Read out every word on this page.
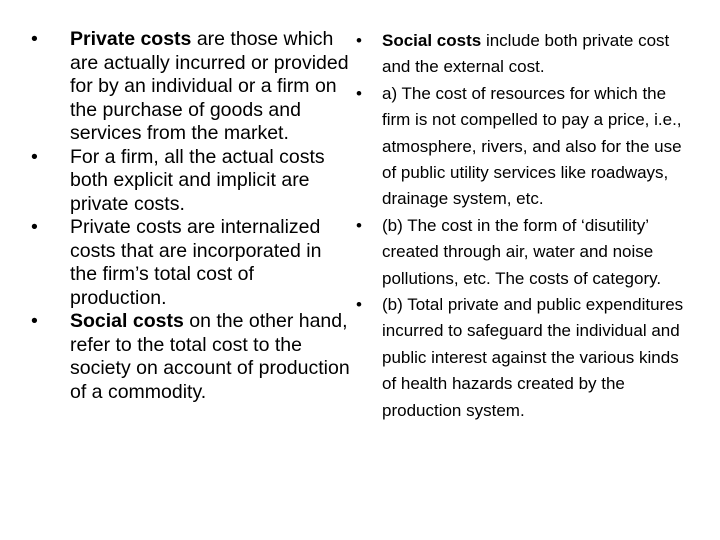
• Private costs are those which are actually incurred or provided for by an individual or a firm on the purchase of goods and services from the market.
• For a firm, all the actual costs both explicit and implicit are private costs.
• Private costs are internalized costs that are incorporated in the firm’s total cost of production.
• Social costs on the other hand, refer to the total cost to the society on account of production of a commodity.
• Social costs include both private cost and the external cost.
• a) The cost of resources for which the firm is not compelled to pay a price, i.e., atmosphere, rivers, and also for the use of public utility services like roadways, drainage system, etc.
• (b) The cost in the form of ‘disutility’ created through air, water and noise pollutions, etc. The costs of category.
• (b) Total private and public expenditures incurred to safeguard the individual and public interest against the various kinds of health hazards created by the production system.
